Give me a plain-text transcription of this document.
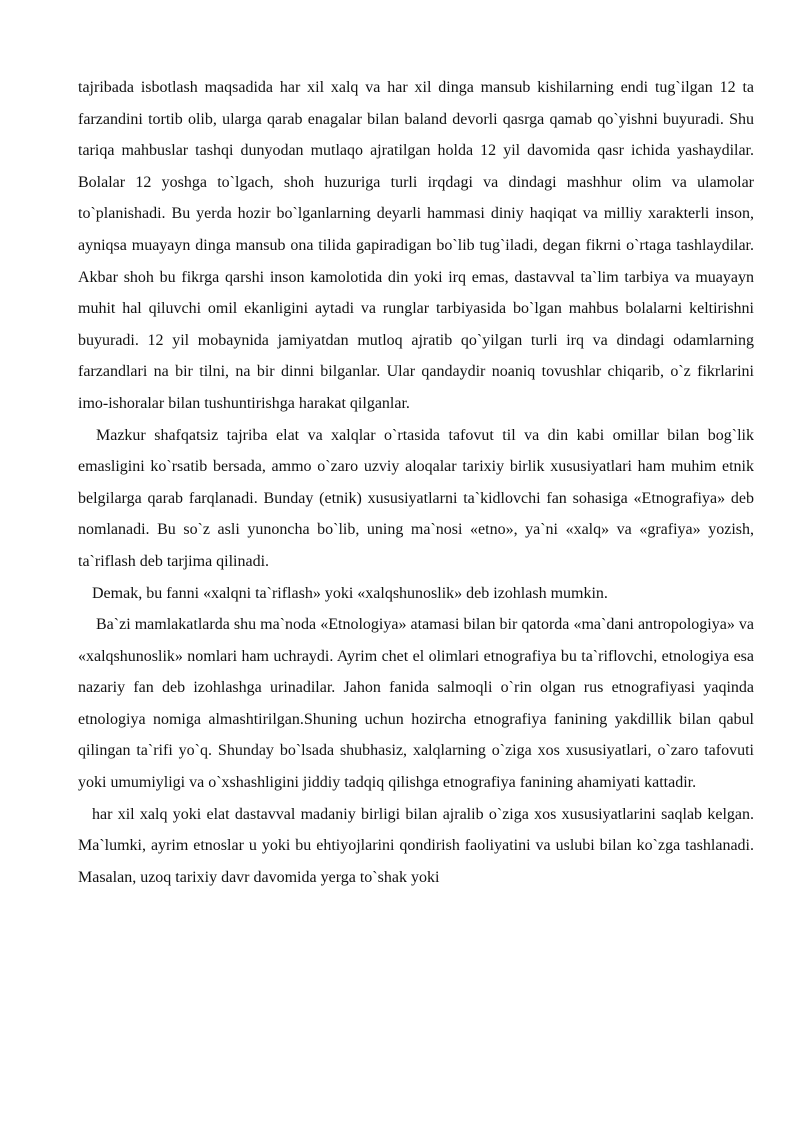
tajribada isbotlash maqsadida har xil xalq va har xil dinga mansub kishilarning endi tug`ilgan 12 ta farzandini tortib olib, ularga qarab enagalar bilan baland devorli qasrga qamab qo`yishni buyuradi. Shu tariqa mahbuslar tashqi dunyodan mutlaqo ajratilgan holda 12 yil davomida qasr ichida yashaydilar. Bolalar 12 yoshga to`lgach, shoh huzuriga turli irqdagi va dindagi mashhur olim va ulamolar to`planishadi. Bu yerda hozir bo`lganlarning deyarli hammasi diniy haqiqat va milliy xarakterli inson, ayniqsa muayayn dinga mansub ona tilida gapiradigan bo`lib tug`iladi, degan fikrni o`rtaga tashlaydilar. Akbar shoh bu fikrga qarshi inson kamolotida din yoki irq emas, dastavval ta`lim tarbiya va muayayn muhit hal qiluvchi omil ekanligini aytadi va runglar tarbiyasida bo`lgan mahbus bolalarni keltirishni buyuradi. 12 yil mobaynida jamiyatdan mutloq ajratib qo`yilgan turli irq va dindagi odamlarning farzandlari na bir tilni, na bir dinni bilganlar. Ular qandaydir noaniq tovushlar chiqarib, o`z fikrlarini imo-ishoralar bilan tushuntirishga harakat qilganlar.

Mazkur shafqatsiz tajriba elat va xalqlar o`rtasida tafovut til va din kabi omillar bilan bog`lik emasligini ko`rsatib bersada, ammo o`zaro uzviy aloqalar tarixiy birlik xususiyatlari ham muhim etnik belgilarga qarab farqlanadi. Bunday (etnik) xususiyatlarni ta`kidlovchi fan sohasiga «Etnografiya» deb nomlanadi. Bu so`z asli yunoncha bo`lib, uning ma`nosi «etno», ya`ni «xalq» va «grafiya» yozish, ta`riflash deb tarjima qilinadi.

Demak, bu fanni «xalqni ta`riflash» yoki «xalqshunoslik» deb izohlash mumkin.

Ba`zi mamlakatlarda shu ma`noda «Etnologiya» atamasi bilan bir qatorda «ma`dani antropologiya» va «xalqshunoslik» nomlari ham uchraydi. Ayrim chet el olimlari etnografiya bu ta`riflovchi, etnologiya esa nazariy fan deb izohlashga urinadilar. Jahon fanida salmoqli o`rin olgan rus etnografiyasi yaqinda etnologiya nomiga almashtirilgan.Shuning uchun hozircha etnografiya fanining yakdillik bilan qabul qilingan ta`rifi yo`q. Shunday bo`lsada shubhasiz, xalqlarning o`ziga xos xususiyatlari, o`zaro tafovuti yoki umumiyligi va o`xshashligini jiddiy tadqiq qilishga etnografiya fanining ahamiyati kattadir.

har xil xalq yoki elat dastavval madaniy birligi bilan ajralib o`ziga xos xususiyatlarini saqlab kelgan. Ma`lumki, ayrim etnoslar u yoki bu ehtiyojlarini qondirish faoliyatini va uslubi bilan ko`zga tashlanadi. Masalan, uzoq tarixiy davr davomida yerga to`shak yoki
